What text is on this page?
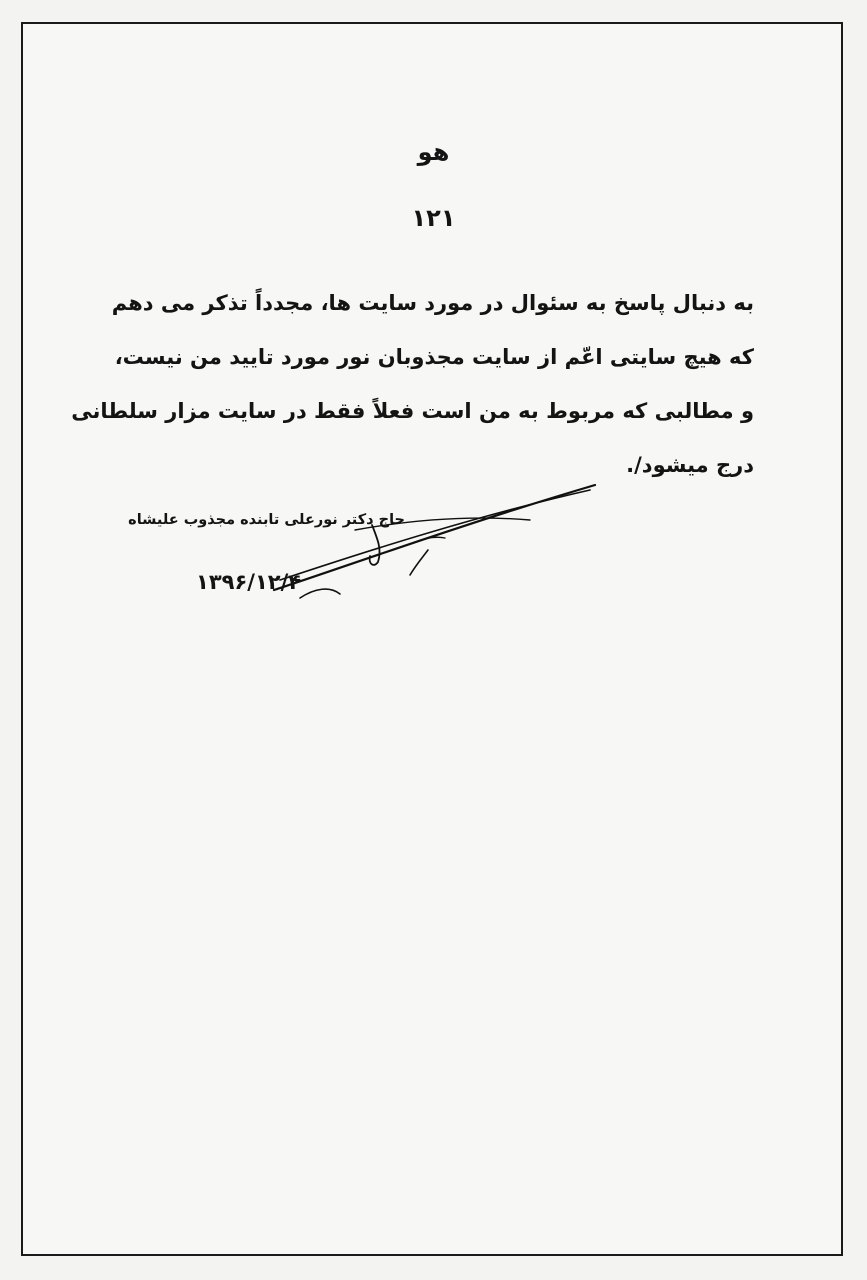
هو
۱۲۱
به دنبال پاسخ به سئوال در مورد سایت ها، مجدداً تذکر می دهم
که هیچ سایتی اعّم از سایت مجذوبان نور مورد تایید من نیست،
و مطالبی که مربوط به من است فعلاً فقط در سایت مزار سلطانی
درج میشود/.
حاج دکتر نورعلی تابنده مجذوب علیشاه
۱۳۹۶/۱۲/۴
